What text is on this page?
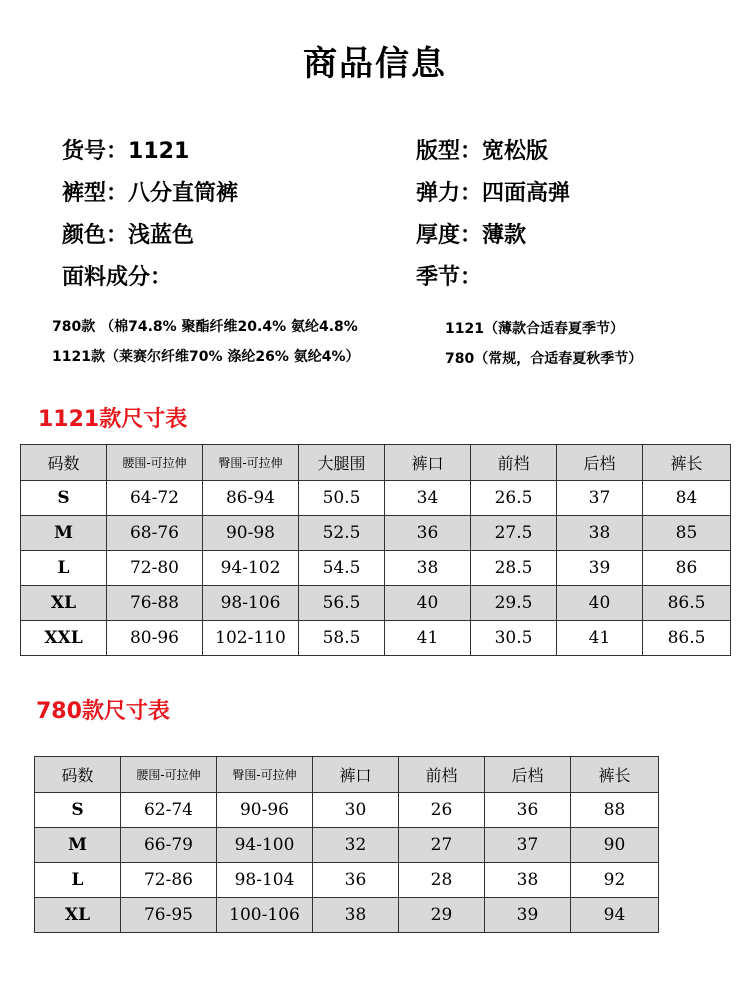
商品信息
货号：1121	版型：宽松版
裤型：八分直筒裤	弹力：四面高弹
颜色：浅蓝色	厚度：薄款
面料成分：	季节：
780款 （棉74.8% 聚酯纤维20.4% 氨纶4.8%
1121款（莱赛尔纤维70% 涤纶26% 氨纶4%）
1121（薄款合适春夏季节）
780（常规，合适春夏秋季节）
1121款尺寸表
码数	腰围-可拉伸	臀围-可拉伸	大腿围	裤口	前档	后档	裤长
S	64-72	86-94	50.5	34	26.5	37	84
M	68-76	90-98	52.5	36	27.5	38	85
L	72-80	94-102	54.5	38	28.5	39	86
XL	76-88	98-106	56.5	40	29.5	40	86.5
XXL	80-96	102-110	58.5	41	30.5	41	86.5
780款尺寸表
码数	腰围-可拉伸	臀围-可拉伸	裤口	前档	后档	裤长
S	62-74	90-96	30	26	36	88
M	66-79	94-100	32	27	37	90
L	72-86	98-104	36	28	38	92
XL	76-95	100-106	38	29	39	94
